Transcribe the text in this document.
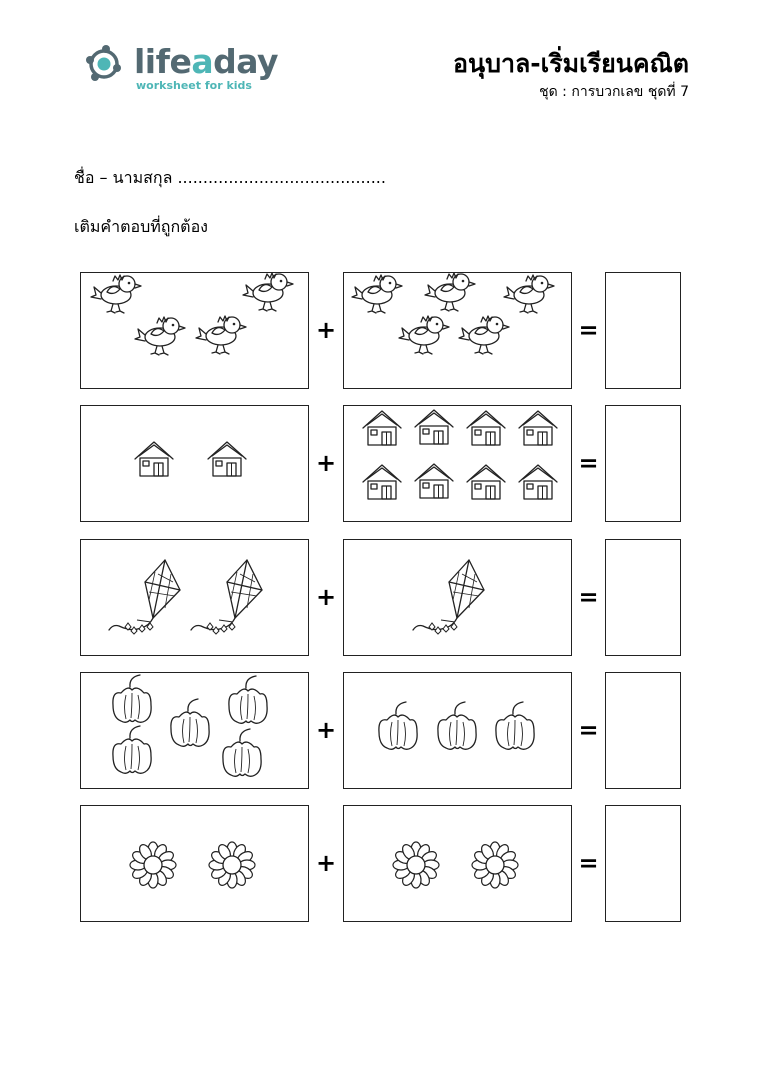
lifeaday
worksheet for kids
อนุบาล-เริ่มเรียนคณิต
ชุด : การบวกเลข ชุดที่ 7
ชื่อ – นามสกุล .........................................
เติมคำตอบที่ถูกต้อง
+	=
+	=
+	=
+	=
+	=
